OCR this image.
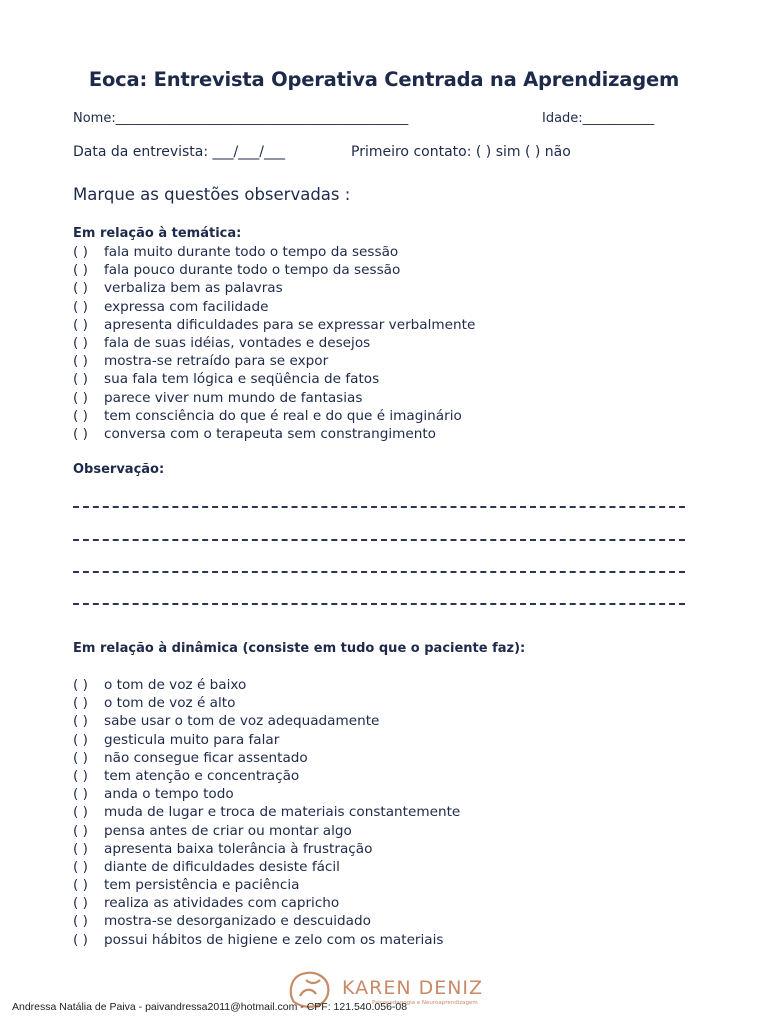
Eoca: Entrevista Operativa Centrada na Aprendizagem
Nome:_____________________________________________	Idade:___________
Data da entrevista: ___/___/___	Primeiro contato: ( ) sim ( ) não
Marque as questões observadas :
Em relação à temática:
( ) fala muito durante todo o tempo da sessão
( ) fala pouco durante todo o tempo da sessão
( ) verbaliza bem as palavras
( ) expressa com facilidade
( ) apresenta dificuldades para se expressar verbalmente
( ) fala de suas idéias, vontades e desejos
( ) mostra-se retraído para se expor
( ) sua fala tem lógica e seqüência de fatos
( ) parece viver num mundo de fantasias
( ) tem consciência do que é real e do que é imaginário
( ) conversa com o terapeuta sem constrangimento
Observação:
Em relação à dinâmica (consiste em tudo que o paciente faz):
( ) o tom de voz é baixo
( ) o tom de voz é alto
( ) sabe usar o tom de voz adequadamente
( ) gesticula muito para falar
( ) não consegue ficar assentado
( ) tem atenção e concentração
( ) anda o tempo todo
( ) muda de lugar e troca de materiais constantemente
( ) pensa antes de criar ou montar algo
( ) apresenta baixa tolerância à frustração
( ) diante de dificuldades desiste fácil
( ) tem persistência e paciência
( ) realiza as atividades com capricho
( ) mostra-se desorganizado e descuidado
( ) possui hábitos de higiene e zelo com os materiais
KAREN DENIZ
Psicopedagogia e Neuroaprendizagem
Andressa Natália de Paiva - paivandressa2011@hotmail.com - CPF: 121.540.056-08
